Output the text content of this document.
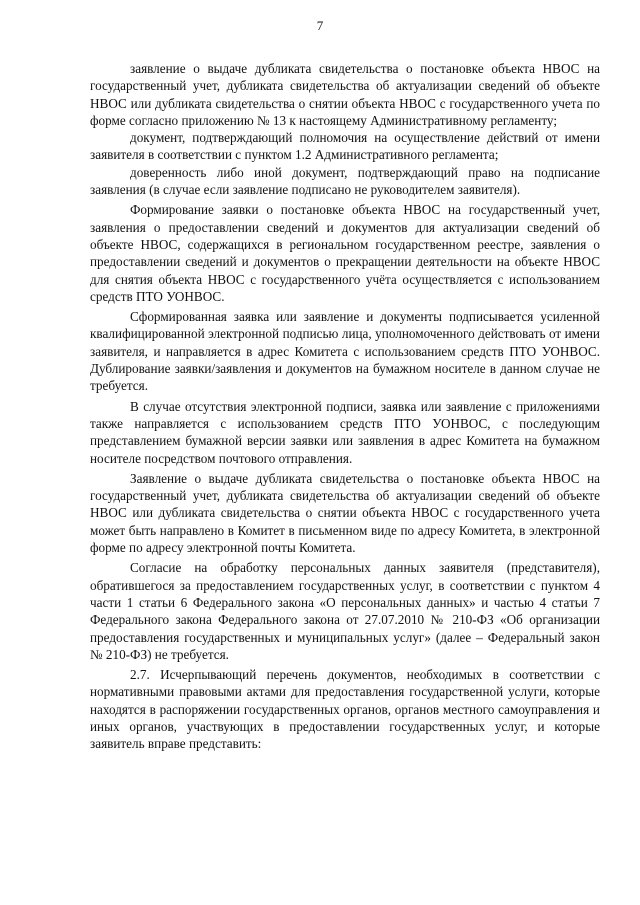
7

заявление о выдаче дубликата свидетельства о постановке объекта НВОС на государственный учет, дубликата свидетельства об актуализации сведений об объекте НВОС или дубликата свидетельства о снятии объекта НВОС с государственного учета по форме согласно приложению № 13 к настоящему Административному регламенту;

документ, подтверждающий полномочия на осуществление действий от имени заявителя в соответствии с пунктом 1.2 Административного регламента;

доверенность либо иной документ, подтверждающий право на подписание заявления (в случае если заявление подписано не руководителем заявителя).

Формирование заявки о постановке объекта НВОС на государственный учет, заявления о предоставлении сведений и документов для актуализации сведений об объекте НВОС, содержащихся в региональном государственном реестре, заявления о предоставлении сведений и документов о прекращении деятельности на объекте НВОС для снятия объекта НВОС с государственного учёта осуществляется с использованием средств ПТО УОНВОС.

Сформированная заявка или заявление и документы подписывается усиленной квалифицированной электронной подписью лица, уполномоченного действовать от имени заявителя, и направляется в адрес Комитета с использованием средств ПТО УОНВОС. Дублирование заявки/заявления и документов на бумажном носителе в данном случае не требуется.

В случае отсутствия электронной подписи, заявка или заявление с приложениями также направляется с использованием средств ПТО УОНВОС, с последующим представлением бумажной версии заявки или заявления в адрес Комитета на бумажном носителе посредством почтового отправления.

Заявление о выдаче дубликата свидетельства о постановке объекта НВОС на государственный учет, дубликата свидетельства об актуализации сведений об объекте НВОС или дубликата свидетельства о снятии объекта НВОС с государственного учета может быть направлено в Комитет в письменном виде по адресу Комитета, в электронной форме по адресу электронной почты Комитета.

Согласие на обработку персональных данных заявителя (представителя), обратившегося за предоставлением государственных услуг, в соответствии с пунктом 4 части 1 статьи 6 Федерального закона «О персональных данных» и частью 4 статьи 7 Федерального закона Федерального закона от 27.07.2010 № 210-ФЗ «Об организации предоставления государственных и муниципальных услуг» (далее – Федеральный закон № 210-ФЗ) не требуется.

2.7. Исчерпывающий перечень документов, необходимых в соответствии с нормативными правовыми актами для предоставления государственной услуги, которые находятся в распоряжении государственных органов, органов местного самоуправления и иных органов, участвующих в предоставлении государственных услуг, и которые заявитель вправе представить:
